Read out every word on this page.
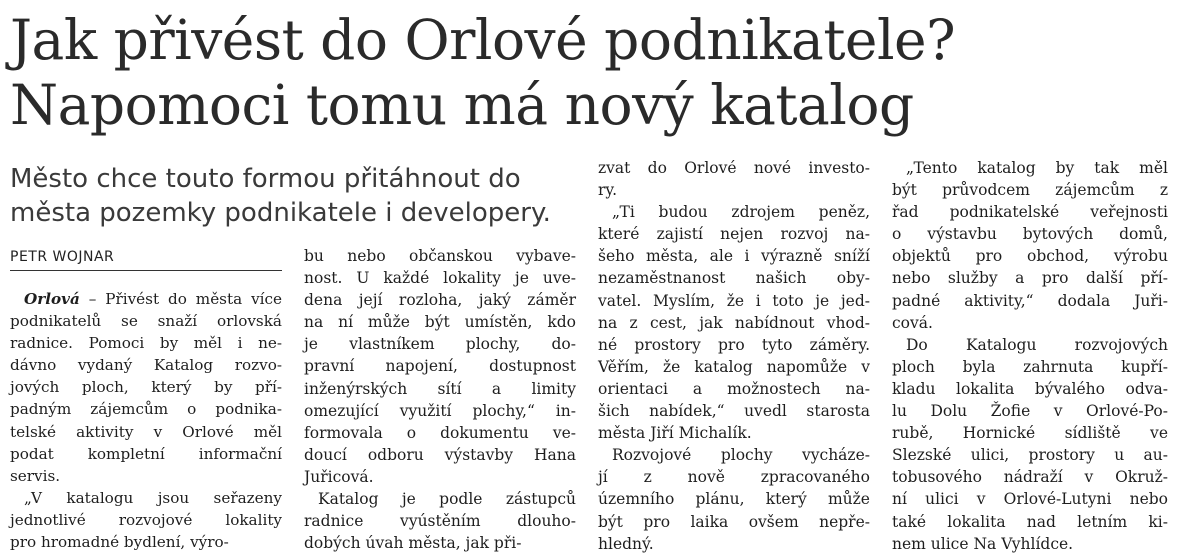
Jak přivést do Orlové podnikatele?
Napomoci tomu má nový katalog
Město chce touto formou přitáhnout do
města pozemky podnikatele i developery.
PETR WOJNAR
Orlová – Přivést do města více
podnikatelů se snaží orlovská
radnice. Pomoci by měl i ne-
dávno vydaný Katalog rozvo-
jových ploch, který by pří-
padným zájemcům o podnika-
telské aktivity v Orlové měl
podat kompletní informační
servis.
„V katalogu jsou seřazeny
jednotlivé rozvojové lokality
pro hromadné bydlení, výro-
bu nebo občanskou vybave-
nost. U každé lokality je uve-
dena její rozloha, jaký záměr
na ní může být umístěn, kdo
je vlastníkem plochy, do-
pravní napojení, dostupnost
inženýrských sítí a limity
omezující využití plochy,“ in-
formovala o dokumentu ve-
doucí odboru výstavby Hana
Juřicová.
Katalog je podle zástupců
radnice vyústěním dlouho-
dobých úvah města, jak při-
zvat do Orlové nové investo-
ry.
„Ti budou zdrojem peněz,
které zajistí nejen rozvoj na-
šeho města, ale i výrazně sníží
nezaměstnanost našich oby-
vatel. Myslím, že i toto je jed-
na z cest, jak nabídnout vhod-
né prostory pro tyto záměry.
Věřím, že katalog napomůže v
orientaci a možnostech na-
šich nabídek,“ uvedl starosta
města Jiří Michalík.
Rozvojové plochy vycháze-
jí z nově zpracovaného
územního plánu, který může
být pro laika ovšem nepře-
hledný.
„Tento katalog by tak měl
být průvodcem zájemcům z
řad podnikatelské veřejnosti
o výstavbu bytových domů,
objektů pro obchod, výrobu
nebo služby a pro další pří-
padné aktivity,“ dodala Juři-
cová.
Do Katalogu rozvojových
ploch byla zahrnuta kupří-
kladu lokalita bývalého odva-
lu Dolu Žofie v Orlové-Po-
rubě, Hornické sídliště ve
Slezské ulici, prostory u au-
tobusového nádraží v Okruž-
ní ulici v Orlové-Lutyni nebo
také lokalita nad letním ki-
nem ulice Na Vyhlídce.
